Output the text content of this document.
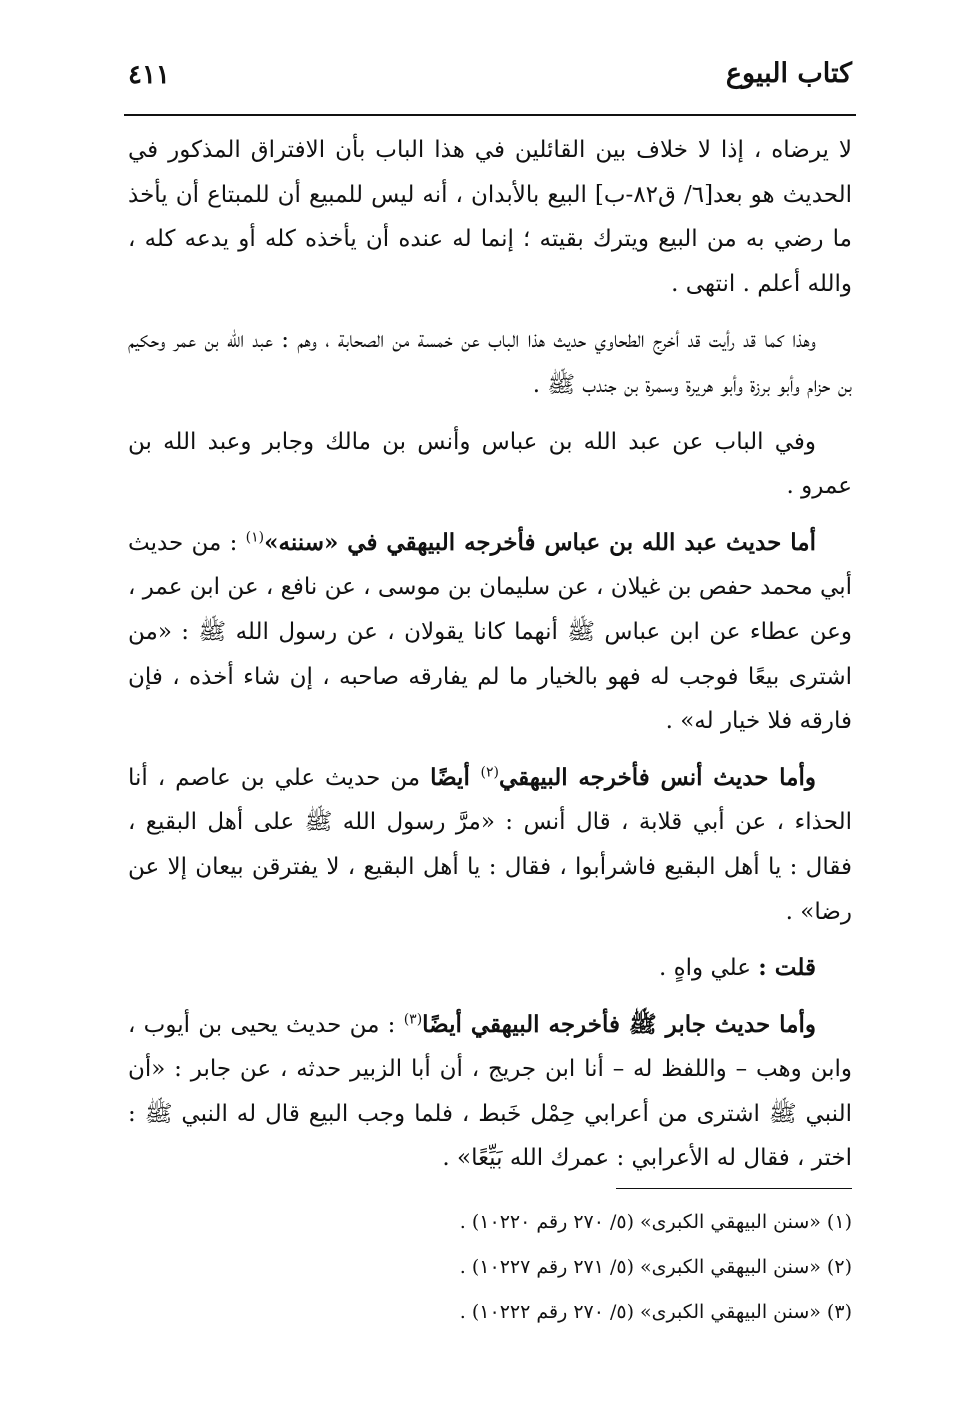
كتاب البيوع
٤١١

لا يرضاه ، إذا لا خلاف بين القائلين في هذا الباب بأن الافتراق المذكور في الحديث هو بعد[٦/ ق٨٢-ب] البيع بالأبدان ، أنه ليس للمبيع أن للمبتاع أن يأخذ ما رضي به من البيع ويترك بقيته ؛ إنما له عنده أن يأخذه كله أو يدعه كله ، والله أعلم . انتهى .

وهذا كما قد رأيت قد أخرج الطحاوي حديث هذا الباب عن خمسة من الصحابة ، وهم : عبد الله بن عمر وحكيم بن حزام وأبو برزة وأبو هريرة وسمرة بن جندب ﷺ .

وفي الباب عن عبد الله بن عباس وأنس بن مالك وجابر وعبد الله بن عمرو .

أما حديث عبد الله بن عباس فأخرجه البيهقي في «سننه»$^{(١)}$ : من حديث أبي محمد حفص بن غيلان ، عن سليمان بن موسى ، عن نافع ، عن ابن عمر ، وعن عطاء عن ابن عباس ﷺ أنهما كانا يقولان ، عن رسول الله ﷺ : «من اشترى بيعًا فوجب له فهو بالخيار ما لم يفارقه صاحبه ، إن شاء أخذه ، فإن فارقه فلا خيار له» .

وأما حديث أنس فأخرجه البيهقي$^{(٢)}$ أيضًا من حديث علي بن عاصم ، أنا الحذاء ، عن أبي قلابة ، قال أنس : «مرَّ رسول الله ﷺ على أهل البقيع ، فقال : يا أهل البقيع فاشرأبوا ، فقال : يا أهل البقيع ، لا يفترقن بيعان إلا عن رضا» .

قلت : علي واهٍ .

وأما حديث جابر ﷺ فأخرجه البيهقي أيضًا$^{(٣)}$ : من حديث يحيى بن أيوب ، وابن وهب – واللفظ له – أنا ابن جريج ، أن أبا الزبير حدثه ، عن جابر : «أن النبي ﷺ اشترى من أعرابي حِمْل خَبط ، فلما وجب البيع قال له النبي ﷺ : اختر ، فقال له الأعرابي : عمرك الله بَيِّعًا» .

(١) «سنن البيهقي الكبرى» (٥/ ٢٧٠ رقم ١٠٢٢٠) .

(٢) «سنن البيهقي الكبرى» (٥/ ٢٧١ رقم ١٠٢٢٧) .

(٣) «سنن البيهقي الكبرى» (٥/ ٢٧٠ رقم ١٠٢٢٢) .
